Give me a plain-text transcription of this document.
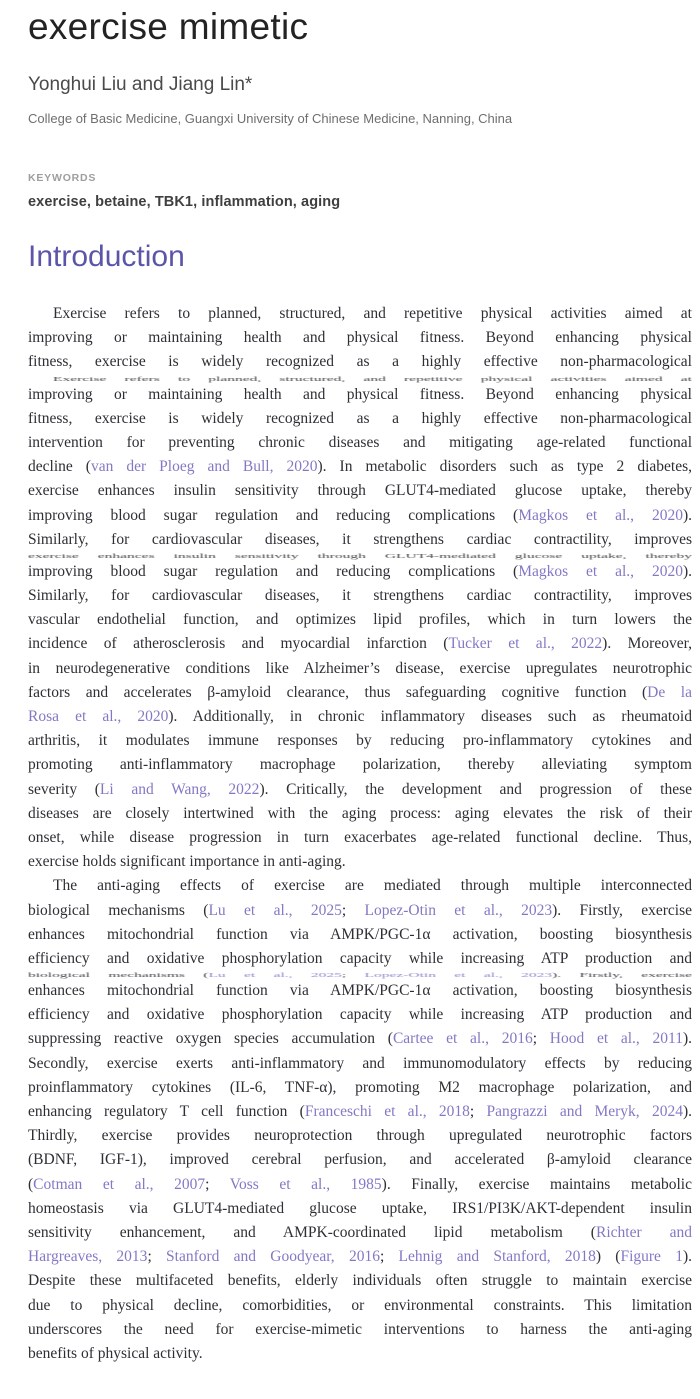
exercise mimetic
Yonghui Liu and Jiang Lin*
College of Basic Medicine, Guangxi University of Chinese Medicine, Nanning, China
KEYWORDS
exercise, betaine, TBK1, inflammation, aging
Introduction
Exercise refers to planned, structured, and repetitive physical activities aimed at
improving or maintaining health and physical fitness. Beyond enhancing physical
fitness, exercise is widely recognized as a highly effective non-pharmacological
Exercise refers to planned, structured, and repetitive physical activities aimed at
improving or maintaining health and physical fitness. Beyond enhancing physical
fitness, exercise is widely recognized as a highly effective non-pharmacological
intervention for preventing chronic diseases and mitigating age-related functional
decline (van der Ploeg and Bull, 2020). In metabolic disorders such as type 2 diabetes,
exercise enhances insulin sensitivity through GLUT4-mediated glucose uptake, thereby
improving blood sugar regulation and reducing complications (Magkos et al., 2020).
Similarly, for cardiovascular diseases, it strengthens cardiac contractility, improves
exercise enhances insulin sensitivity through GLUT4-mediated glucose uptake, thereby
improving blood sugar regulation and reducing complications (Magkos et al., 2020).
Similarly, for cardiovascular diseases, it strengthens cardiac contractility, improves
vascular endothelial function, and optimizes lipid profiles, which in turn lowers the
incidence of atherosclerosis and myocardial infarction (Tucker et al., 2022). Moreover,
in neurodegenerative conditions like Alzheimer’s disease, exercise upregulates neurotrophic
factors and accelerates β-amyloid clearance, thus safeguarding cognitive function (De la
Rosa et al., 2020). Additionally, in chronic inflammatory diseases such as rheumatoid
arthritis, it modulates immune responses by reducing pro-inflammatory cytokines and
promoting anti-inflammatory macrophage polarization, thereby alleviating symptom
severity (Li and Wang, 2022). Critically, the development and progression of these
diseases are closely intertwined with the aging process: aging elevates the risk of their
onset, while disease progression in turn exacerbates age-related functional decline. Thus,
exercise holds significant importance in anti-aging.
The anti-aging effects of exercise are mediated through multiple interconnected
biological mechanisms (Lu et al., 2025; Lopez-Otin et al., 2023). Firstly, exercise
enhances mitochondrial function via AMPK/PGC-1α activation, boosting biosynthesis
efficiency and oxidative phosphorylation capacity while increasing ATP production and
biological mechanisms (Lu et al., 2025; Lopez-Otin et al., 2023). Firstly, exercise
enhances mitochondrial function via AMPK/PGC-1α activation, boosting biosynthesis
efficiency and oxidative phosphorylation capacity while increasing ATP production and
suppressing reactive oxygen species accumulation (Cartee et al., 2016; Hood et al., 2011).
Secondly, exercise exerts anti-inflammatory and immunomodulatory effects by reducing
proinflammatory cytokines (IL-6, TNF-α), promoting M2 macrophage polarization, and
enhancing regulatory T cell function (Franceschi et al., 2018; Pangrazzi and Meryk, 2024).
Thirdly, exercise provides neuroprotection through upregulated neurotrophic factors
(BDNF, IGF-1), improved cerebral perfusion, and accelerated β-amyloid clearance
(Cotman et al., 2007; Voss et al., 1985). Finally, exercise maintains metabolic
homeostasis via GLUT4-mediated glucose uptake, IRS1/PI3K/AKT-dependent insulin
sensitivity enhancement, and AMPK-coordinated lipid metabolism (Richter and
Hargreaves, 2013; Stanford and Goodyear, 2016; Lehnig and Stanford, 2018) (Figure 1).
Despite these multifaceted benefits, elderly individuals often struggle to maintain exercise
due to physical decline, comorbidities, or environmental constraints. This limitation
underscores the need for exercise-mimetic interventions to harness the anti-aging
benefits of physical activity.
